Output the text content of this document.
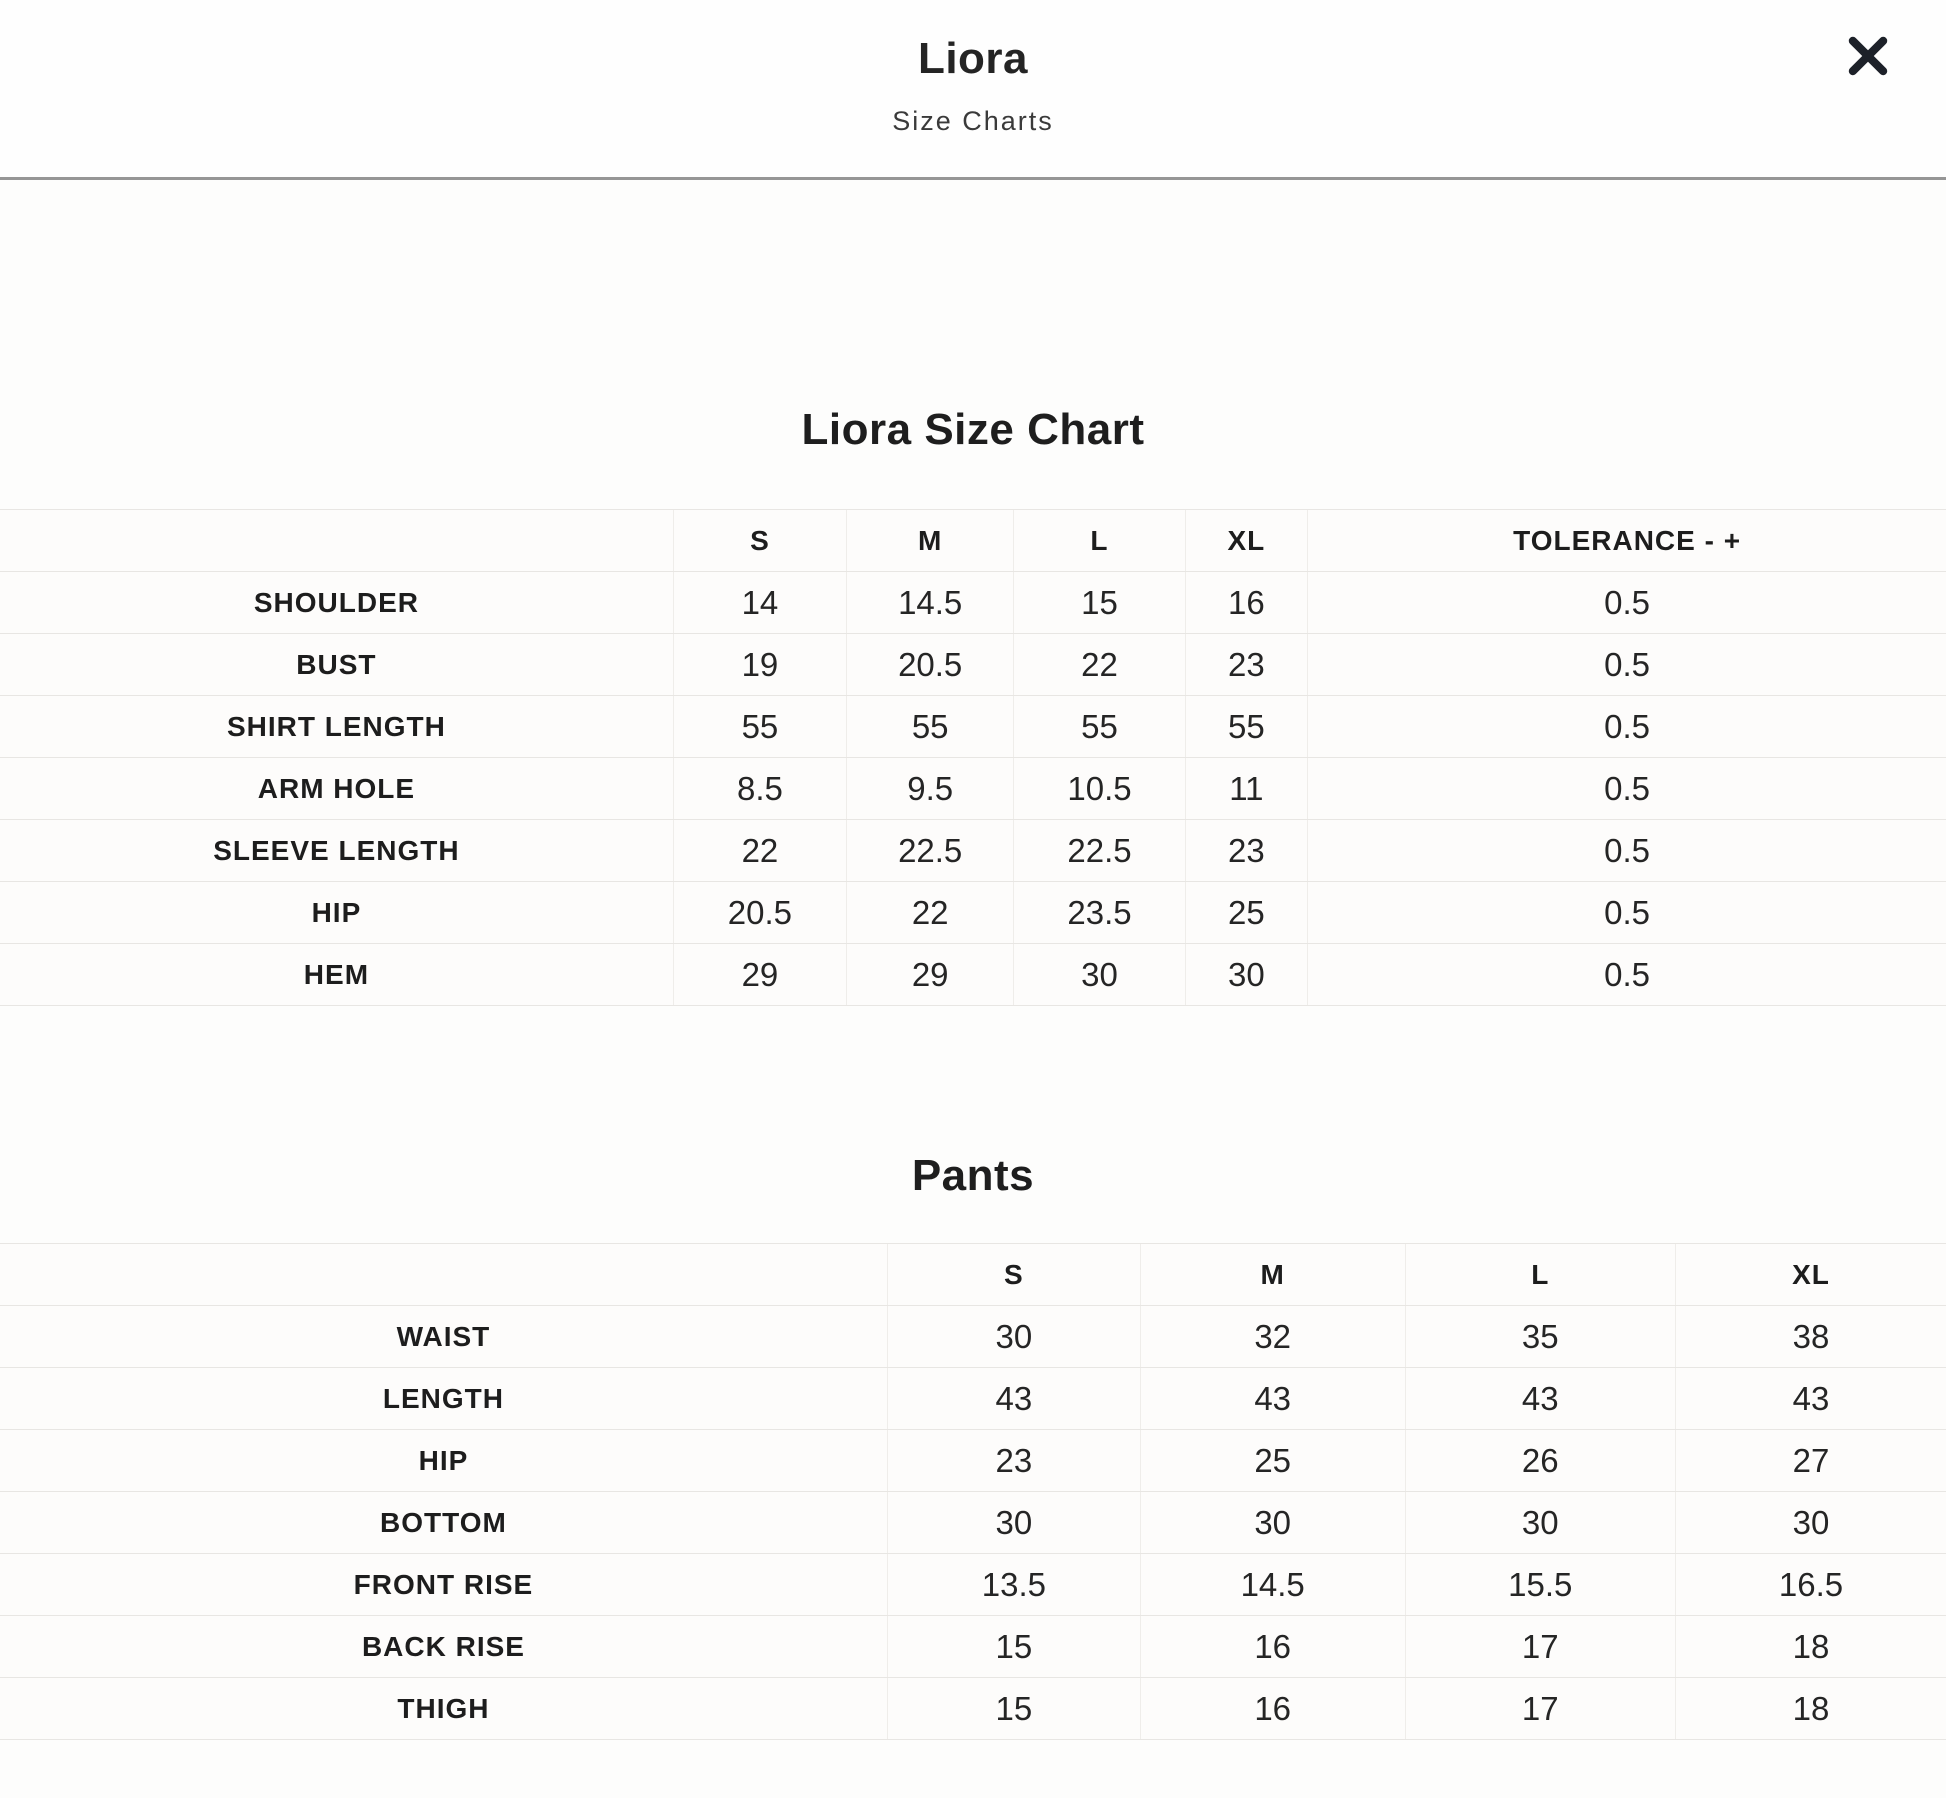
Liora
Size Charts
Liora Size Chart
	S	M	L	XL	TOLERANCE - +
SHOULDER	14	14.5	15	16	0.5
BUST	19	20.5	22	23	0.5
SHIRT LENGTH	55	55	55	55	0.5
ARM HOLE	8.5	9.5	10.5	11	0.5
SLEEVE LENGTH	22	22.5	22.5	23	0.5
HIP	20.5	22	23.5	25	0.5
HEM	29	29	30	30	0.5
Pants
	S	M	L	XL
WAIST	30	32	35	38
LENGTH	43	43	43	43
HIP	23	25	26	27
BOTTOM	30	30	30	30
FRONT RISE	13.5	14.5	15.5	16.5
BACK RISE	15	16	17	18
THIGH	15	16	17	18
